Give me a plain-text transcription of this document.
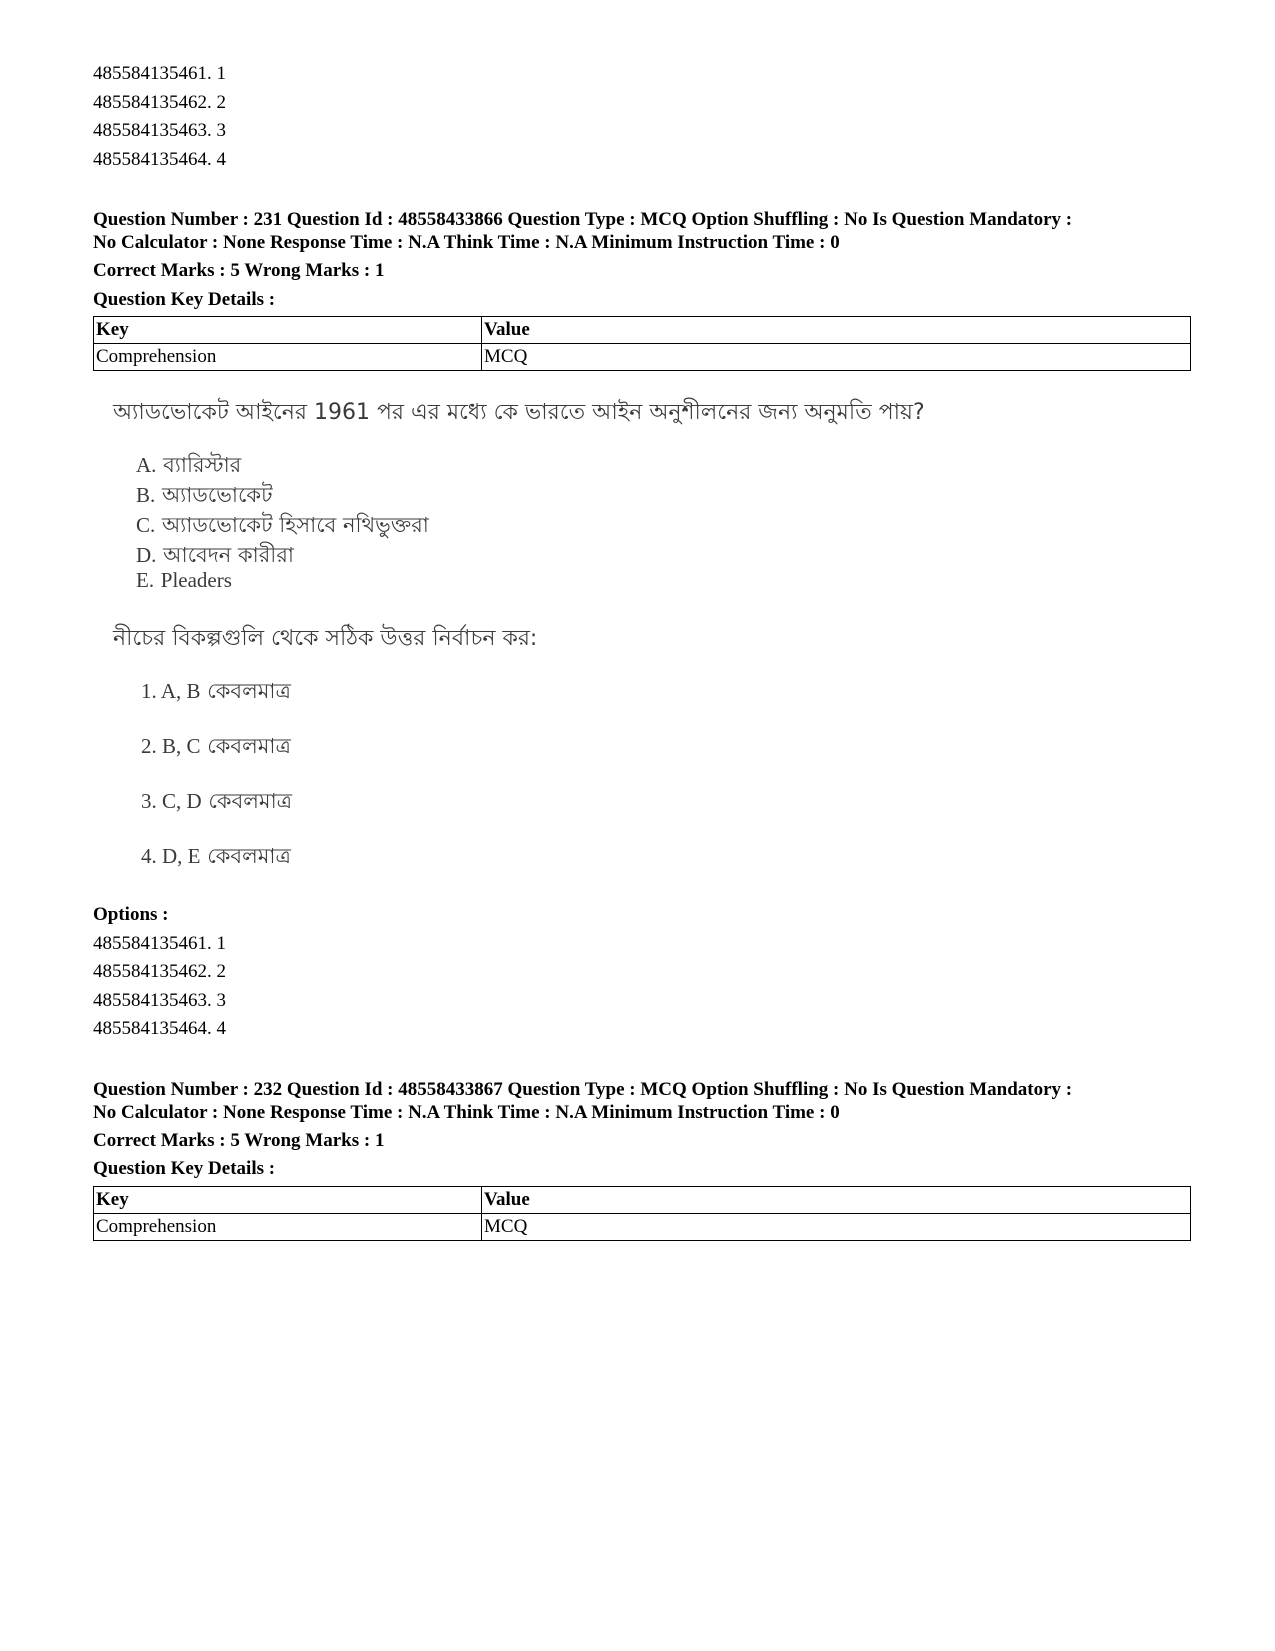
485584135461. 1
485584135462. 2
485584135463. 3
485584135464. 4
Question Number : 231 Question Id : 48558433866 Question Type : MCQ Option Shuffling : No Is Question Mandatory :
No Calculator : None Response Time : N.A Think Time : N.A Minimum Instruction Time : 0
Correct Marks : 5 Wrong Marks : 1
Question Key Details :
Key	Value
Comprehension	MCQ
অ্যাডভোকেট আইনের 1961 পর এর মধ্যে কে ভারতে আইন অনুশীলনের জন্য অনুমতি পায়?
A. ব্যারিস্টার
B. অ্যাডভোকেট
C. অ্যাডভোকেট হিসাবে নথিভুক্তরা
D. আবেদন কারীরা
E. Pleaders
নীচের বিকল্পগুলি থেকে সঠিক উত্তর নির্বাচন কর:
1. A, B কেবলমাত্র
2. B, C কেবলমাত্র
3. C, D কেবলমাত্র
4. D, E কেবলমাত্র
Options :
485584135461. 1
485584135462. 2
485584135463. 3
485584135464. 4
Question Number : 232 Question Id : 48558433867 Question Type : MCQ Option Shuffling : No Is Question Mandatory :
No Calculator : None Response Time : N.A Think Time : N.A Minimum Instruction Time : 0
Correct Marks : 5 Wrong Marks : 1
Question Key Details :
Key	Value
Comprehension	MCQ
